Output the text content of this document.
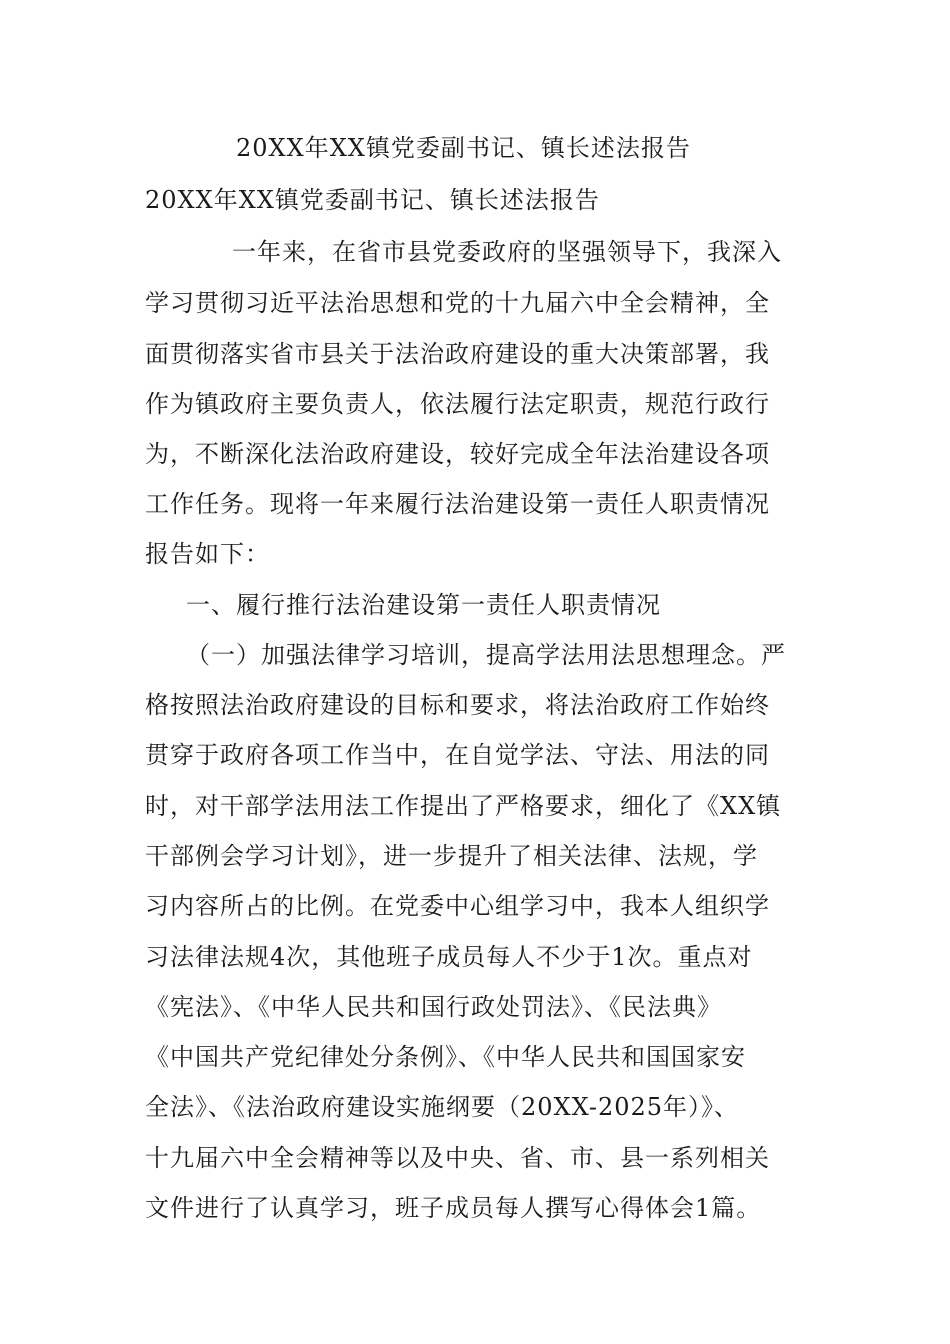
20XX年XX镇党委副书记、镇长述法报告
20XX年XX镇党委副书记、镇长述法报告
一年来，在省市县党委政府的坚强领导下，我深入
学习贯彻习近平法治思想和党的十九届六中全会精神，全
面贯彻落实省市县关于法治政府建设的重大决策部署，我
作为镇政府主要负责人，依法履行法定职责，规范行政行
为，不断深化法治政府建设，较好完成全年法治建设各项
工作任务。现将一年来履行法治建设第一责任人职责情况
报告如下：
一、履行推行法治建设第一责任人职责情况
（一）加强法律学习培训，提高学法用法思想理念。严
格按照法治政府建设的目标和要求，将法治政府工作始终
贯穿于政府各项工作当中，在自觉学法、守法、用法的同
时，对干部学法用法工作提出了严格要求，细化了《XX镇
干部例会学习计划》，进一步提升了相关法律、法规，学
习内容所占的比例。在党委中心组学习中，我本人组织学
习法律法规4次，其他班子成员每人不少于1次。重点对
《宪法》、《中华人民共和国行政处罚法》、《民法典》
《中国共产党纪律处分条例》、《中华人民共和国国家安
全法》、《法治政府建设实施纲要（20XX-2025年）》、
十九届六中全会精神等以及中央、省、市、县一系列相关
文件进行了认真学习，班子成员每人撰写心得体会1篇。
